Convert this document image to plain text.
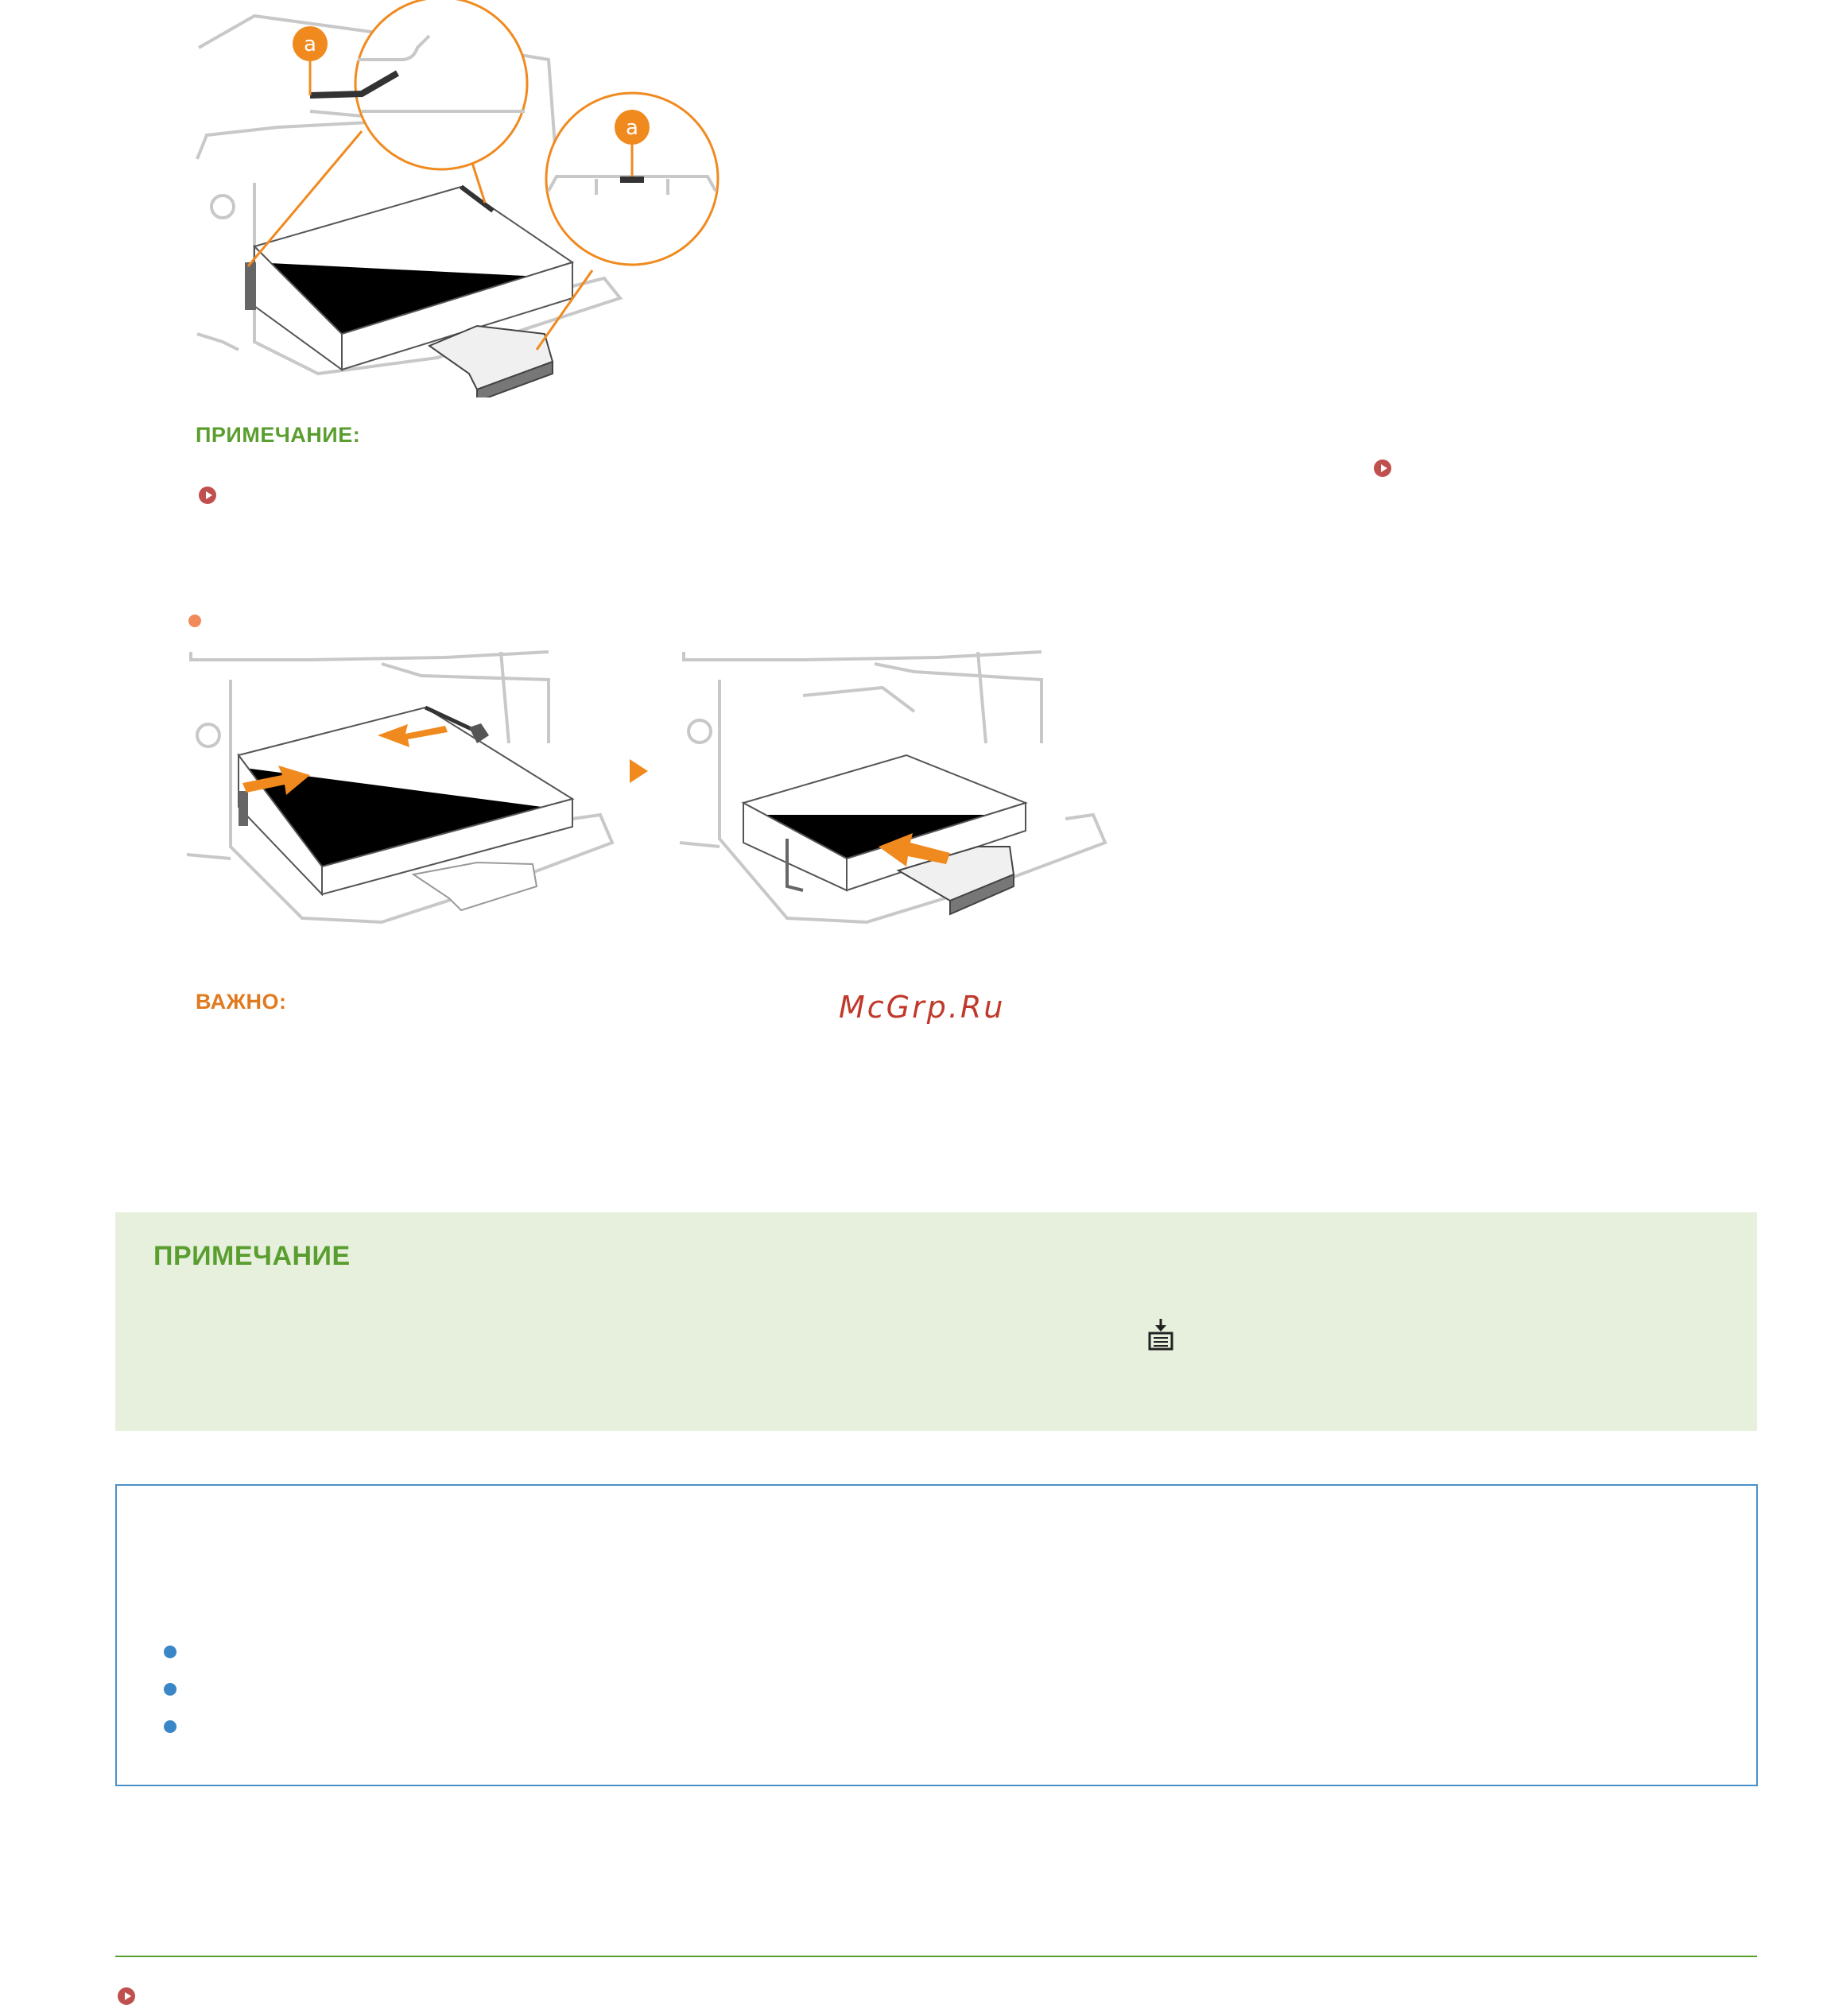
a
a
ПРИМЕЧАНИЕ:
ВАЖНО:	McGrp.Ru
ПРИМЕЧАНИЕ
